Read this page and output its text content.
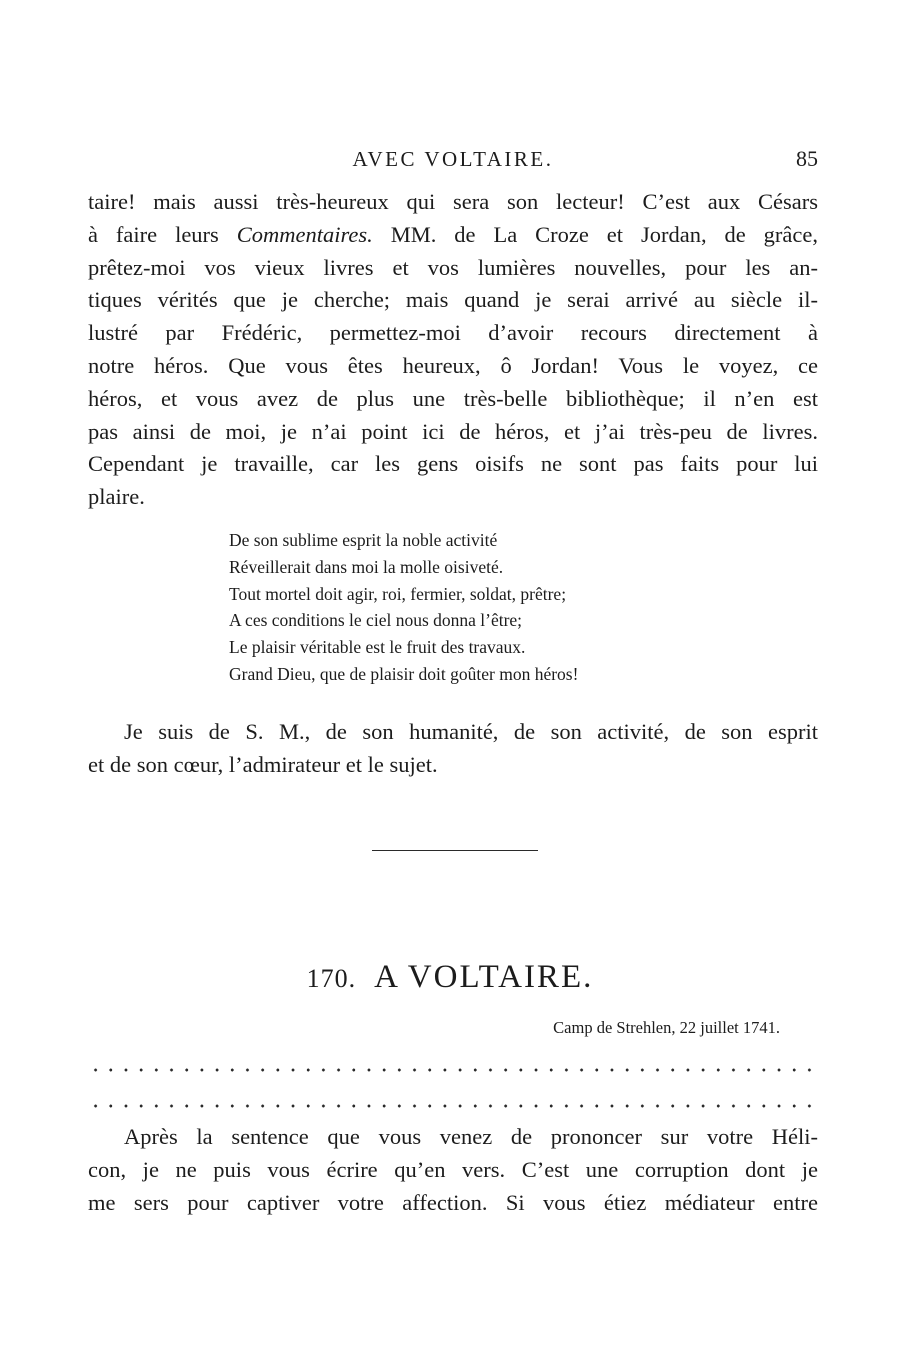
AVEC VOLTAIRE.	85
taire! mais aussi très-heureux qui sera son lecteur! C’est aux Césars
à faire leurs Commentaires. MM. de La Croze et Jordan, de grâce,
prêtez-moi vos vieux livres et vos lumières nouvelles, pour les an-
tiques vérités que je cherche; mais quand je serai arrivé au siècle il-
lustré par Frédéric, permettez-moi d’avoir recours directement à
notre héros. Que vous êtes heureux, ô Jordan! Vous le voyez, ce
héros, et vous avez de plus une très-belle bibliothèque; il n’en est
pas ainsi de moi, je n’ai point ici de héros, et j’ai très-peu de livres.
Cependant je travaille, car les gens oisifs ne sont pas faits pour lui
plaire.
De son sublime esprit la noble activité
Réveillerait dans moi la molle oisiveté.
Tout mortel doit agir, roi, fermier, soldat, prêtre;
A ces conditions le ciel nous donna l’être;
Le plaisir véritable est le fruit des travaux.
Grand Dieu, que de plaisir doit goûter mon héros!
Je suis de S. M., de son humanité, de son activité, de son esprit
et de son cœur, l’admirateur et le sujet.
170. A VOLTAIRE.
Camp de Strehlen, 22 juillet 1741.
Après la sentence que vous venez de prononcer sur votre Héli-
con, je ne puis vous écrire qu’en vers. C’est une corruption dont je
me sers pour captiver votre affection. Si vous étiez médiateur entre
